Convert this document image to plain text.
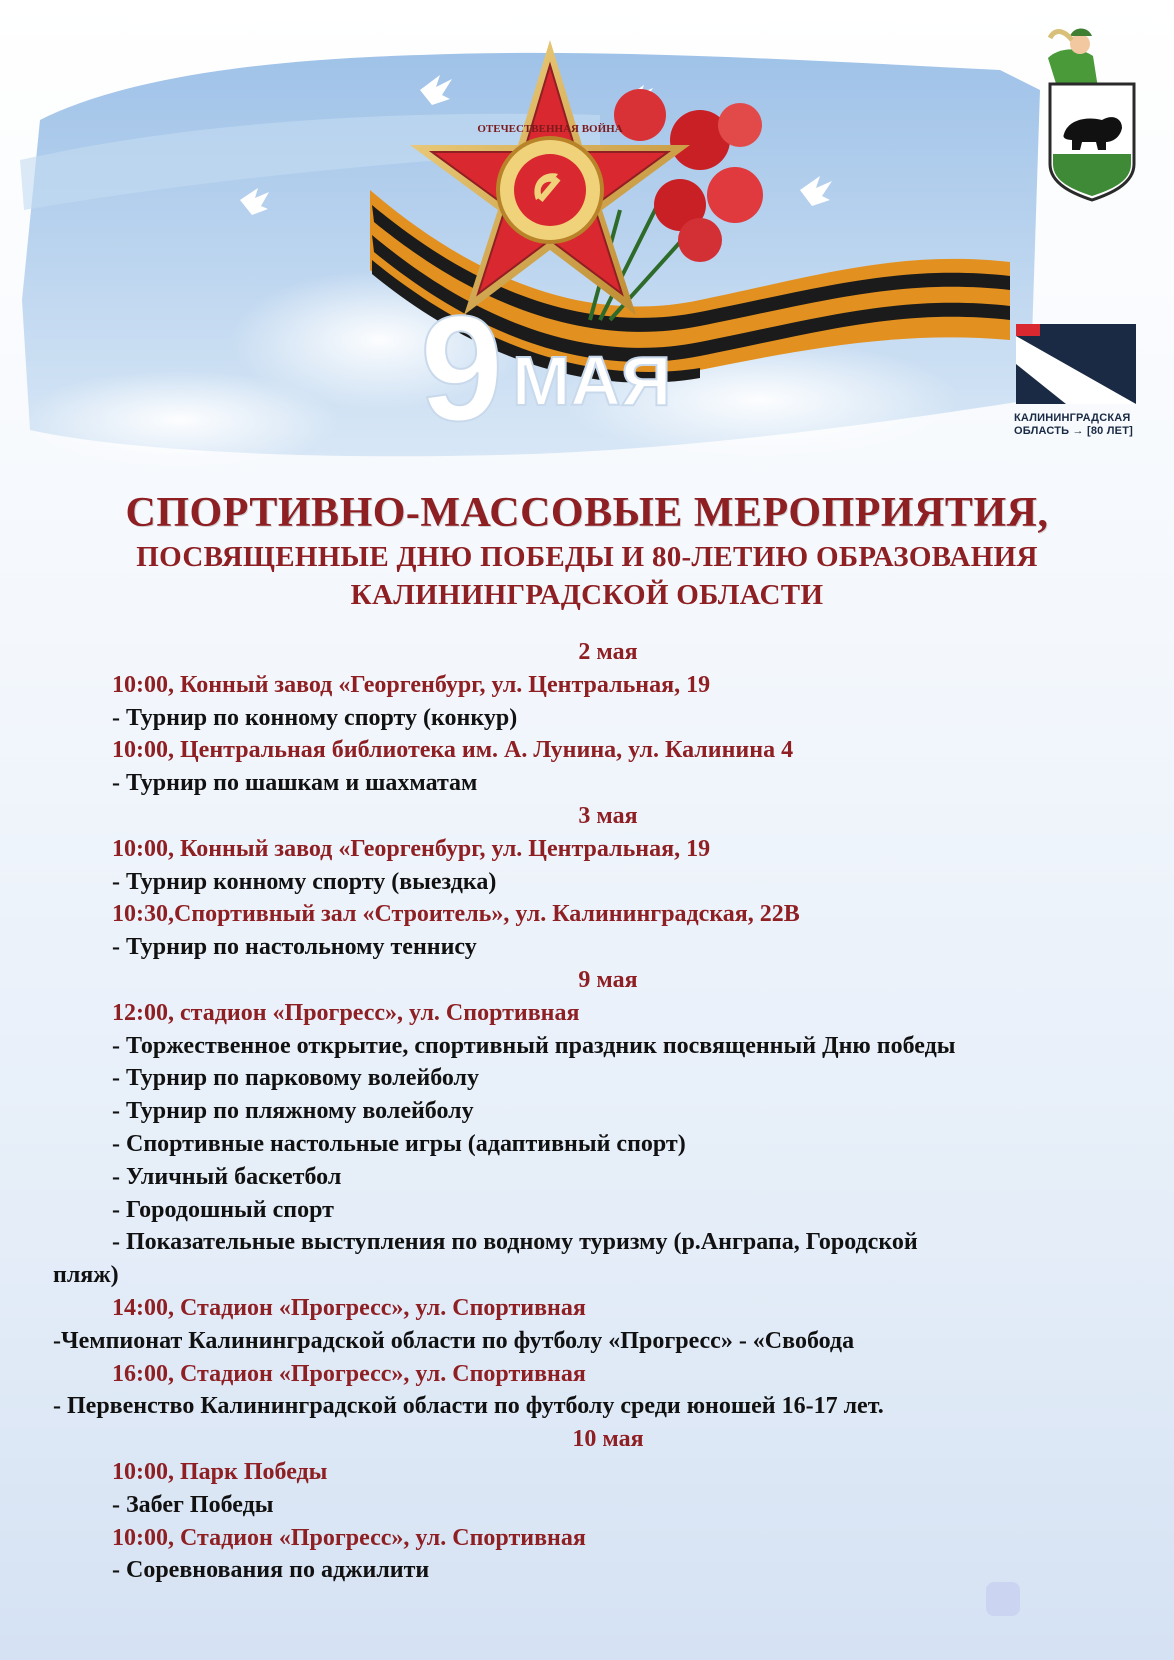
ОТЕЧЕСТВЕННАЯ ВОЙНА
9 МАЯ	КАЛИНИНГРАДСКАЯ
ОБЛАСТЬ → [80 ЛЕТ]
СПОРТИВНО-МАССОВЫЕ МЕРОПРИЯТИЯ,
ПОСВЯЩЕННЫЕ ДНЮ ПОБЕДЫ И 80-ЛЕТИЮ ОБРАЗОВАНИЯ
КАЛИНИНГРАДСКОЙ ОБЛАСТИ
2 мая
10:00, Конный завод «Георгенбург, ул. Центральная, 19
- Турнир по конному спорту (конкур)
10:00, Центральная библиотека им. А. Лунина, ул. Калинина 4
- Турнир по шашкам и шахматам
3 мая
10:00, Конный завод «Георгенбург, ул. Центральная, 19
- Турнир конному спорту (выездка)
10:30,Спортивный зал «Строитель», ул. Калининградская, 22В
- Турнир по настольному теннису
9 мая
12:00, стадион «Прогресс», ул. Спортивная
- Торжественное открытие, спортивный праздник посвященный Дню победы
- Турнир по парковому волейболу
- Турнир по пляжному волейболу
- Спортивные настольные игры (адаптивный спорт)
- Уличный баскетбол
- Городошный спорт
- Показательные выступления по водному туризму (р.Анграпа, Городской
пляж)
14:00, Стадион «Прогресс», ул. Спортивная
-Чемпионат Калининградской области по футболу «Прогресс» - «Свобода
16:00, Стадион «Прогресс», ул. Спортивная
- Первенство Калининградской области по футболу среди юношей 16-17 лет.
10 мая
10:00, Парк Победы
- Забег Победы
10:00, Стадион «Прогресс», ул. Спортивная
- Соревнования по аджилити
